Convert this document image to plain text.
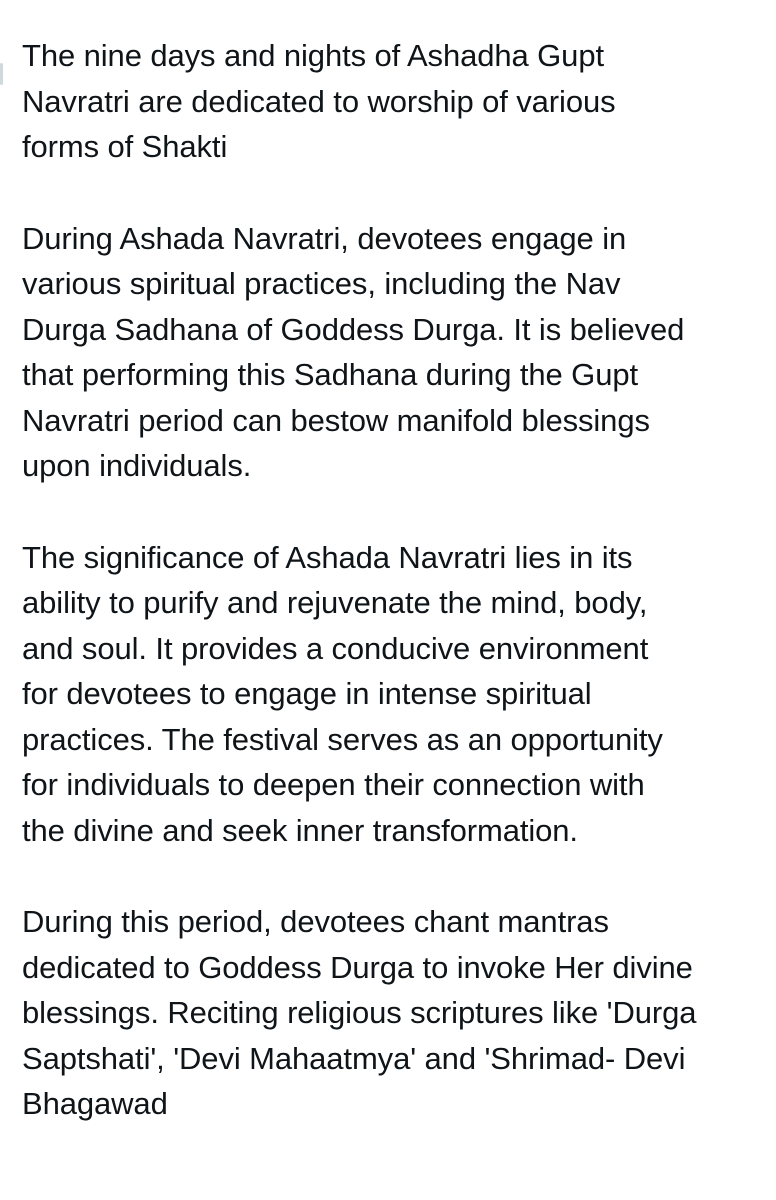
The nine days and nights of Ashadha Gupt
Navratri are dedicated to worship of various
forms of Shakti

During Ashada Navratri, devotees engage in
various spiritual practices, including the Nav
Durga Sadhana of Goddess Durga. It is believed
that performing this Sadhana during the Gupt
Navratri period can bestow manifold blessings
upon individuals.

The significance of Ashada Navratri lies in its
ability to purify and rejuvenate the mind, body,
and soul. It provides a conducive environment
for devotees to engage in intense spiritual
practices. The festival serves as an opportunity
for individuals to deepen their connection with
the divine and seek inner transformation.

During this period, devotees chant mantras
dedicated to Goddess Durga to invoke Her divine
blessings. Reciting religious scriptures like 'Durga
Saptshati', 'Devi Mahaatmya' and 'Shrimad- Devi
Bhagawad
